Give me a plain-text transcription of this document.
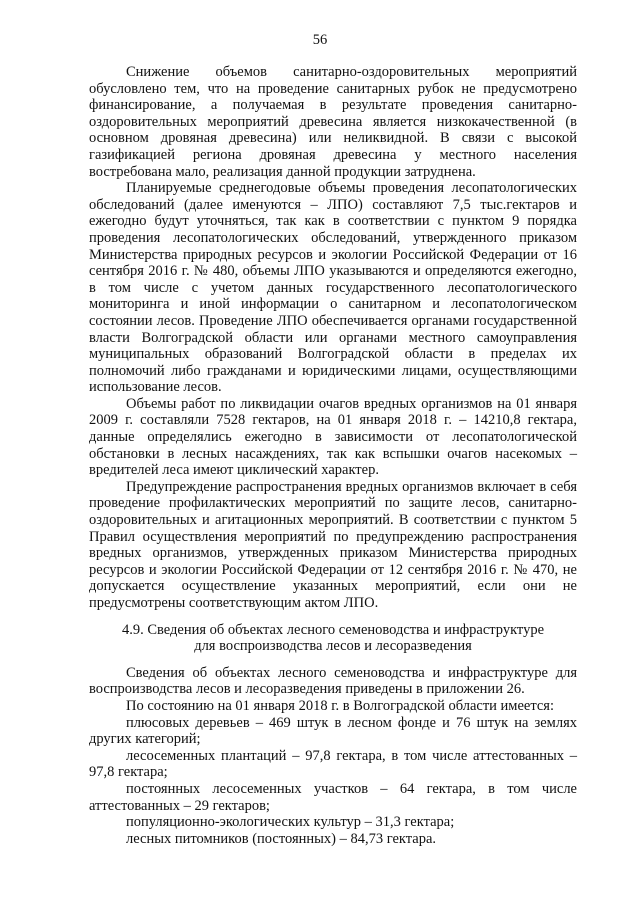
56

Снижение объемов санитарно-оздоровительных мероприятий обусловлено тем, что на проведение санитарных рубок не предусмотрено финансирование, а получаемая в результате проведения санитарно-оздоровительных мероприятий древесина является низкокачественной (в основном дровяная древесина) или неликвидной. В связи с высокой газификацией региона дровяная древесина у местного населения востребована мало, реализация данной продукции затруднена.

Планируемые среднегодовые объемы проведения лесопатологических обследований (далее именуются – ЛПО) составляют 7,5 тыс.гектаров и ежегодно будут уточняться, так как в соответствии с пунктом 9 порядка проведения лесопатологических обследований, утвержденного приказом Министерства природных ресурсов и экологии Российской Федерации от 16 сентября 2016 г. № 480, объемы ЛПО указываются и определяются ежегодно, в том числе с учетом данных государственного лесопатологического мониторинга и иной информации о санитарном и лесопатологическом состоянии лесов. Проведение ЛПО обеспечивается органами государственной власти Волгоградской области или органами местного самоуправления муниципальных образований Волгоградской области в пределах их полномочий либо гражданами и юридическими лицами, осуществляющими использование лесов.

Объемы работ по ликвидации очагов вредных организмов на 01 января 2009 г. составляли 7528 гектаров, на 01 января 2018 г. – 14210,8 гектара, данные определялись ежегодно в зависимости от лесопатологической обстановки в лесных насаждениях, так как вспышки очагов насекомых – вредителей леса имеют циклический характер.

Предупреждение распространения вредных организмов включает в себя проведение профилактических мероприятий по защите лесов, санитарно-оздоровительных и агитационных мероприятий. В соответствии с пунктом 5 Правил осуществления мероприятий по предупреждению распространения вредных организмов, утвержденных приказом Министерства природных ресурсов и экологии Российской Федерации от 12 сентября 2016 г. № 470, не допускается осуществление указанных мероприятий, если они не предусмотрены соответствующим актом ЛПО.

4.9. Сведения об объектах лесного семеноводства и инфраструктуре
для воспроизводства лесов и лесоразведения

Сведения об объектах лесного семеноводства и инфраструктуре для воспроизводства лесов и лесоразведения приведены в приложении 26.

По состоянию на 01 января 2018 г. в Волгоградской области имеется:

плюсовых деревьев – 469 штук в лесном фонде и 76 штук на землях других категорий;

лесосеменных плантаций – 97,8 гектара, в том числе аттестованных – 97,8 гектара;

постоянных лесосеменных участков – 64 гектара, в том числе аттестованных – 29 гектаров;

популяционно-экологических культур – 31,3 гектара;

лесных питомников (постоянных) – 84,73 гектара.
